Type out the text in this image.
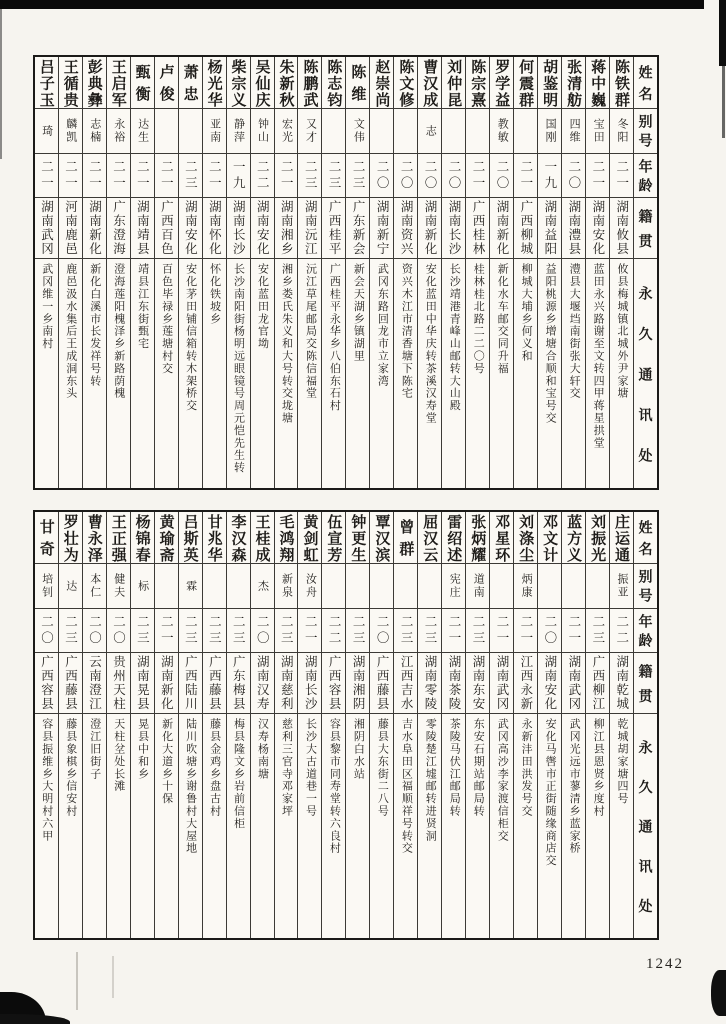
姓名
别号
年龄
籍贯
永久通讯处
陈铁群
冬阳
二一
湖南攸县
攸县梅城镇北城外尹家塘
蒋中巍
宝田
二一
湖南安化
蓝田永兴路谢至文转四甲蒋星拱堂
张清舫
四维
二〇
湖南澧县
澧县大堰垱南街张大轩交
胡鉴明
国刚
一九
湖南益阳
益阳桃源乡增塘合顺和宝号交
何震群
二一
广西柳城
柳城大埔乡何义和
罗学益
教敏
二〇
湖南新化
新化水车邮交同升福
陈宗熹
二一
广西桂林
桂林桂北路二二〇号
刘仲昆
二〇
湖南长沙
长沙靖港青峰山邮转大山殿
曹汉成
志
二〇
湖南新化
安化蓝田中华庆转茶溪汉寿堂
陈文修
二〇
湖南资兴
资兴木江市清香塘下陈宅
赵崇尚
二〇
湖南新宁
武冈东路回龙市立家湾
陈维
文伟
二三
广东新会
新会天湖乡镇湖里
陈志钧
二三
广西桂平
广西桂平永华乡八伯东石村
陈鹏武
又才
二三
湖南沅江
沅江草尾邮局交陈信福堂
朱新秋
宏光
二一
湖南湘乡
湘乡娄氏朱义和大号转交垅塘
吴仙庆
钟山
二二
湖南安化
安化蓝田龙官坳
柴宗义
静萍
一九
湖南长沙
长沙南阳街杨明远眼镜号周元恺先生转
杨光华
亚南
二一
湖南怀化
怀化铁坡乡
萧忠
二三
湖南安化
安化茅田铺信箱转木架桥交
卢俊
二一
广西百色
百色毕禄乡莲塘村交
甄衡
达生
二一
湖南靖县
靖县江东街甄宅
王启军
永裕
二一
广东澄海
澄海莲阳槐泽乡新路荫槐
彭典彝
志楠
二一
湖南新化
新化白溪市长发祥号转
王循贵
麟凯
二一
河南鹿邑
鹿邑汲水集后王成洞东头
吕子玉
琦
二一
湖南武冈
武冈维一乡南村
姓名
别号
年龄
籍贯
永久通讯处
庄运通
振亚
二二
湖南乾城
乾城胡家塘四号
刘振光
二三
广西柳江
柳江县恩贤乡度村
蓝方义
二一
湖南武冈
武冈光远市蓼清乡蓝家桥
邓文计
二〇
湖南安化
安化马辔市正街随缘商店交
刘涤尘
炳康
二一
江西永新
永新沣田洪发号交
邓星环
二一
湖南武冈
武冈高沙李家渡信柜交
张炳耀
道南
二三
湖南东安
东安石期站邮局转
雷绍述
宪庄
二一
湖南茶陵
茶陵马伏江邮局转
屈汉云
二三
湖南零陵
零陵楚江墟邮转进贤洞
曾群
二三
江西吉水
吉水阜田区福顺祥号转交
覃汉滨
二〇
广西藤县
藤县大东街二八号
钟更生
二三
湖南湘阴
湘阴白水站
伍宣芳
二二
广西容县
容县黎市同寿堂转六良村
黄剑虹
汝舟
二一
湖南长沙
长沙大古道巷一号
毛鸿翔
新泉
二三
湖南慈利
慈利三官寺邓家坪
王桂成
杰
二〇
湖南汉寿
汉寿杨南塘
李汉森
二三
广东梅县
梅县隆文乡岩前信柜
甘兆华
二三
广西藤县
藤县金鸡乡盘古村
吕斯英
霖
二三
广西陆川
陆川吹塘乡谢鲁村大屋地
黄瑜斋
二一
湖南新化
新化大道乡十保
杨锦春
标
二三
湖南晃县
晃县中和乡
王正强
健夫
二〇
贵州天柱
天柱坌处长滩
曹永泽
本仁
二〇
云南澄江
澄江旧街子
罗壮为
达
二三
广西藤县
藤县象棋乡信安村
甘奇
培钊
二〇
广西容县
容县振维乡大明村六甲
1242
